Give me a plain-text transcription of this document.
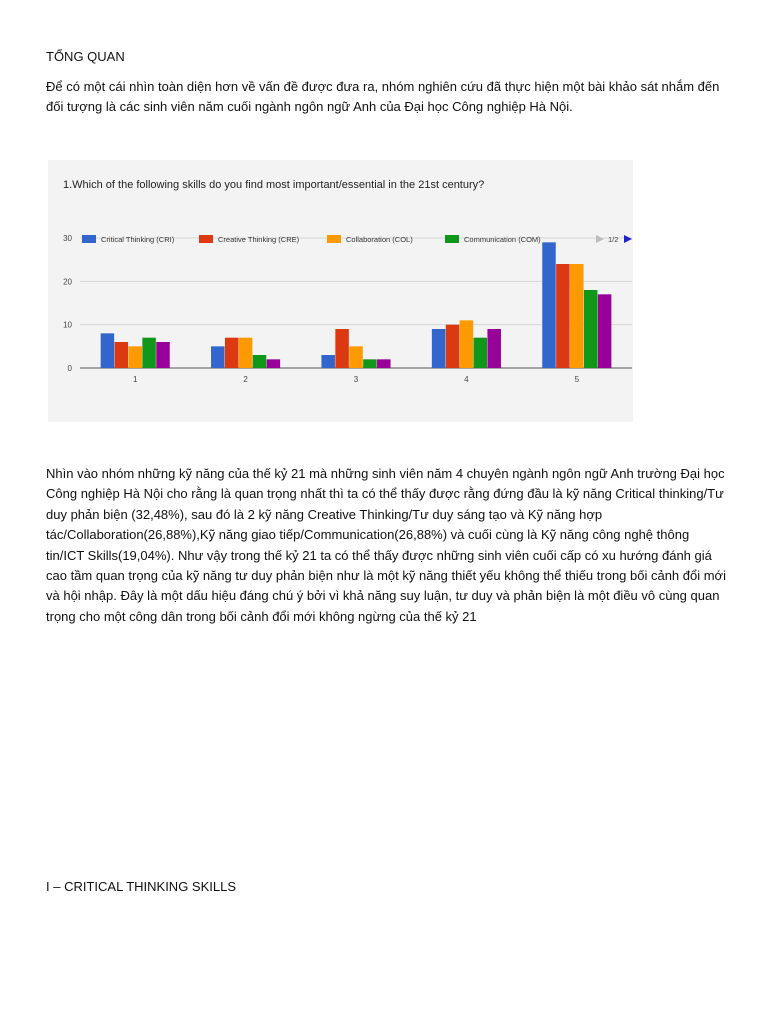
TỔNG QUAN
Để có một cái nhìn toàn diện hơn về vấn đề được đưa ra, nhóm nghiên cứu đã thực hiện một bài khảo sát nhắm đến đối tượng là các sinh viên năm cuối ngành ngôn ngữ Anh của Đại học Công nghiệp Hà Nội.
1.Which of the following skills do you find most important/essential in the 21st century?
0
10
20
30	Critical Thinking (CRI)	Creative Thinking (CRE)	Collaboration (COL)	Communication (COM)	1/2
1	2	3	4	5
Nhìn vào nhóm những kỹ năng của thế kỷ 21 mà những sinh viên năm 4 chuyên ngành ngôn ngữ Anh trường Đại học Công nghiệp Hà Nội cho rằng là quan trọng nhất thì ta có thể thấy được rằng đứng đầu là kỹ năng Critical thinking/Tư duy phản biện (32,48%), sau đó là 2 kỹ năng Creative Thinking/Tư duy sáng tạo và Kỹ năng hợp tác/Collaboration(26,88%),Kỹ năng giao tiếp/Communication(26,88%) và cuối cùng là Kỹ năng công nghệ thông tin/ICT Skills(19,04%). Như vậy trong thế kỷ 21 ta có thể thấy được những sinh viên cuối cấp có xu hướng đánh giá cao tầm quan trọng của kỹ năng tư duy phản biện như là một kỹ năng thiết yếu không thể thiếu trong bối cảnh đổi mới và hội nhập. Đây là một dấu hiệu đáng chú ý bởi vì khả năng suy luận, tư duy và phản biện là một điều vô cùng quan trọng cho một công dân trong bối cảnh đổi mới không ngừng của thế kỷ 21
I – CRITICAL THINKING SKILLS
